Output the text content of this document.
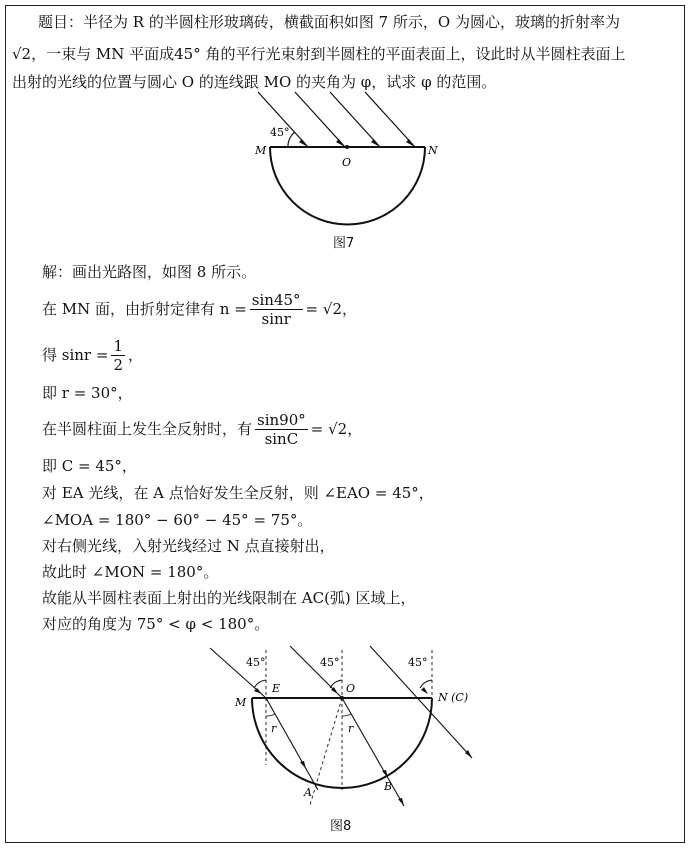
题目：半径为 R 的半圆柱形玻璃砖，横截面积如图 7 所示，O 为圆心，玻璃的折射率为
√2，一束与 MN 平面成45° 角的平行光束射到半圆柱的平面表面上，设此时从半圆柱表面上
出射的光线的位置与圆心 O 的连线跟 MO 的夹角为 φ，试求 φ 的范围。
M	N
O
45°
图7
解：画出光路图，如图 8 所示。
在 MN 面，由折射定律有 $n = \frac{\sin 45^\circ}{\sin r} = √2$，
得 $\sin r = \frac{1}{2}$ ，
即 r = 30°，
在半圆柱面上发生全反射时，有 $\frac{\sin 90^\circ}{\sin C} = √2$，
即 C = 45°，
对 EA 光线，在 A 点恰好发生全反射，则 ∠EAO = 45°，
∠MOA = 180° − 60° − 45° = 75°。
对右侧光线，入射光线经过 N 点直接射出，
故此时 ∠MON = 180°。
故能从半圆柱表面上射出的光线限制在 AC(弧) 区域上，
对应的角度为 75° < φ < 180°。
M
E	O
N (C)
A	B
45°	45°	45°
r	r
图8
